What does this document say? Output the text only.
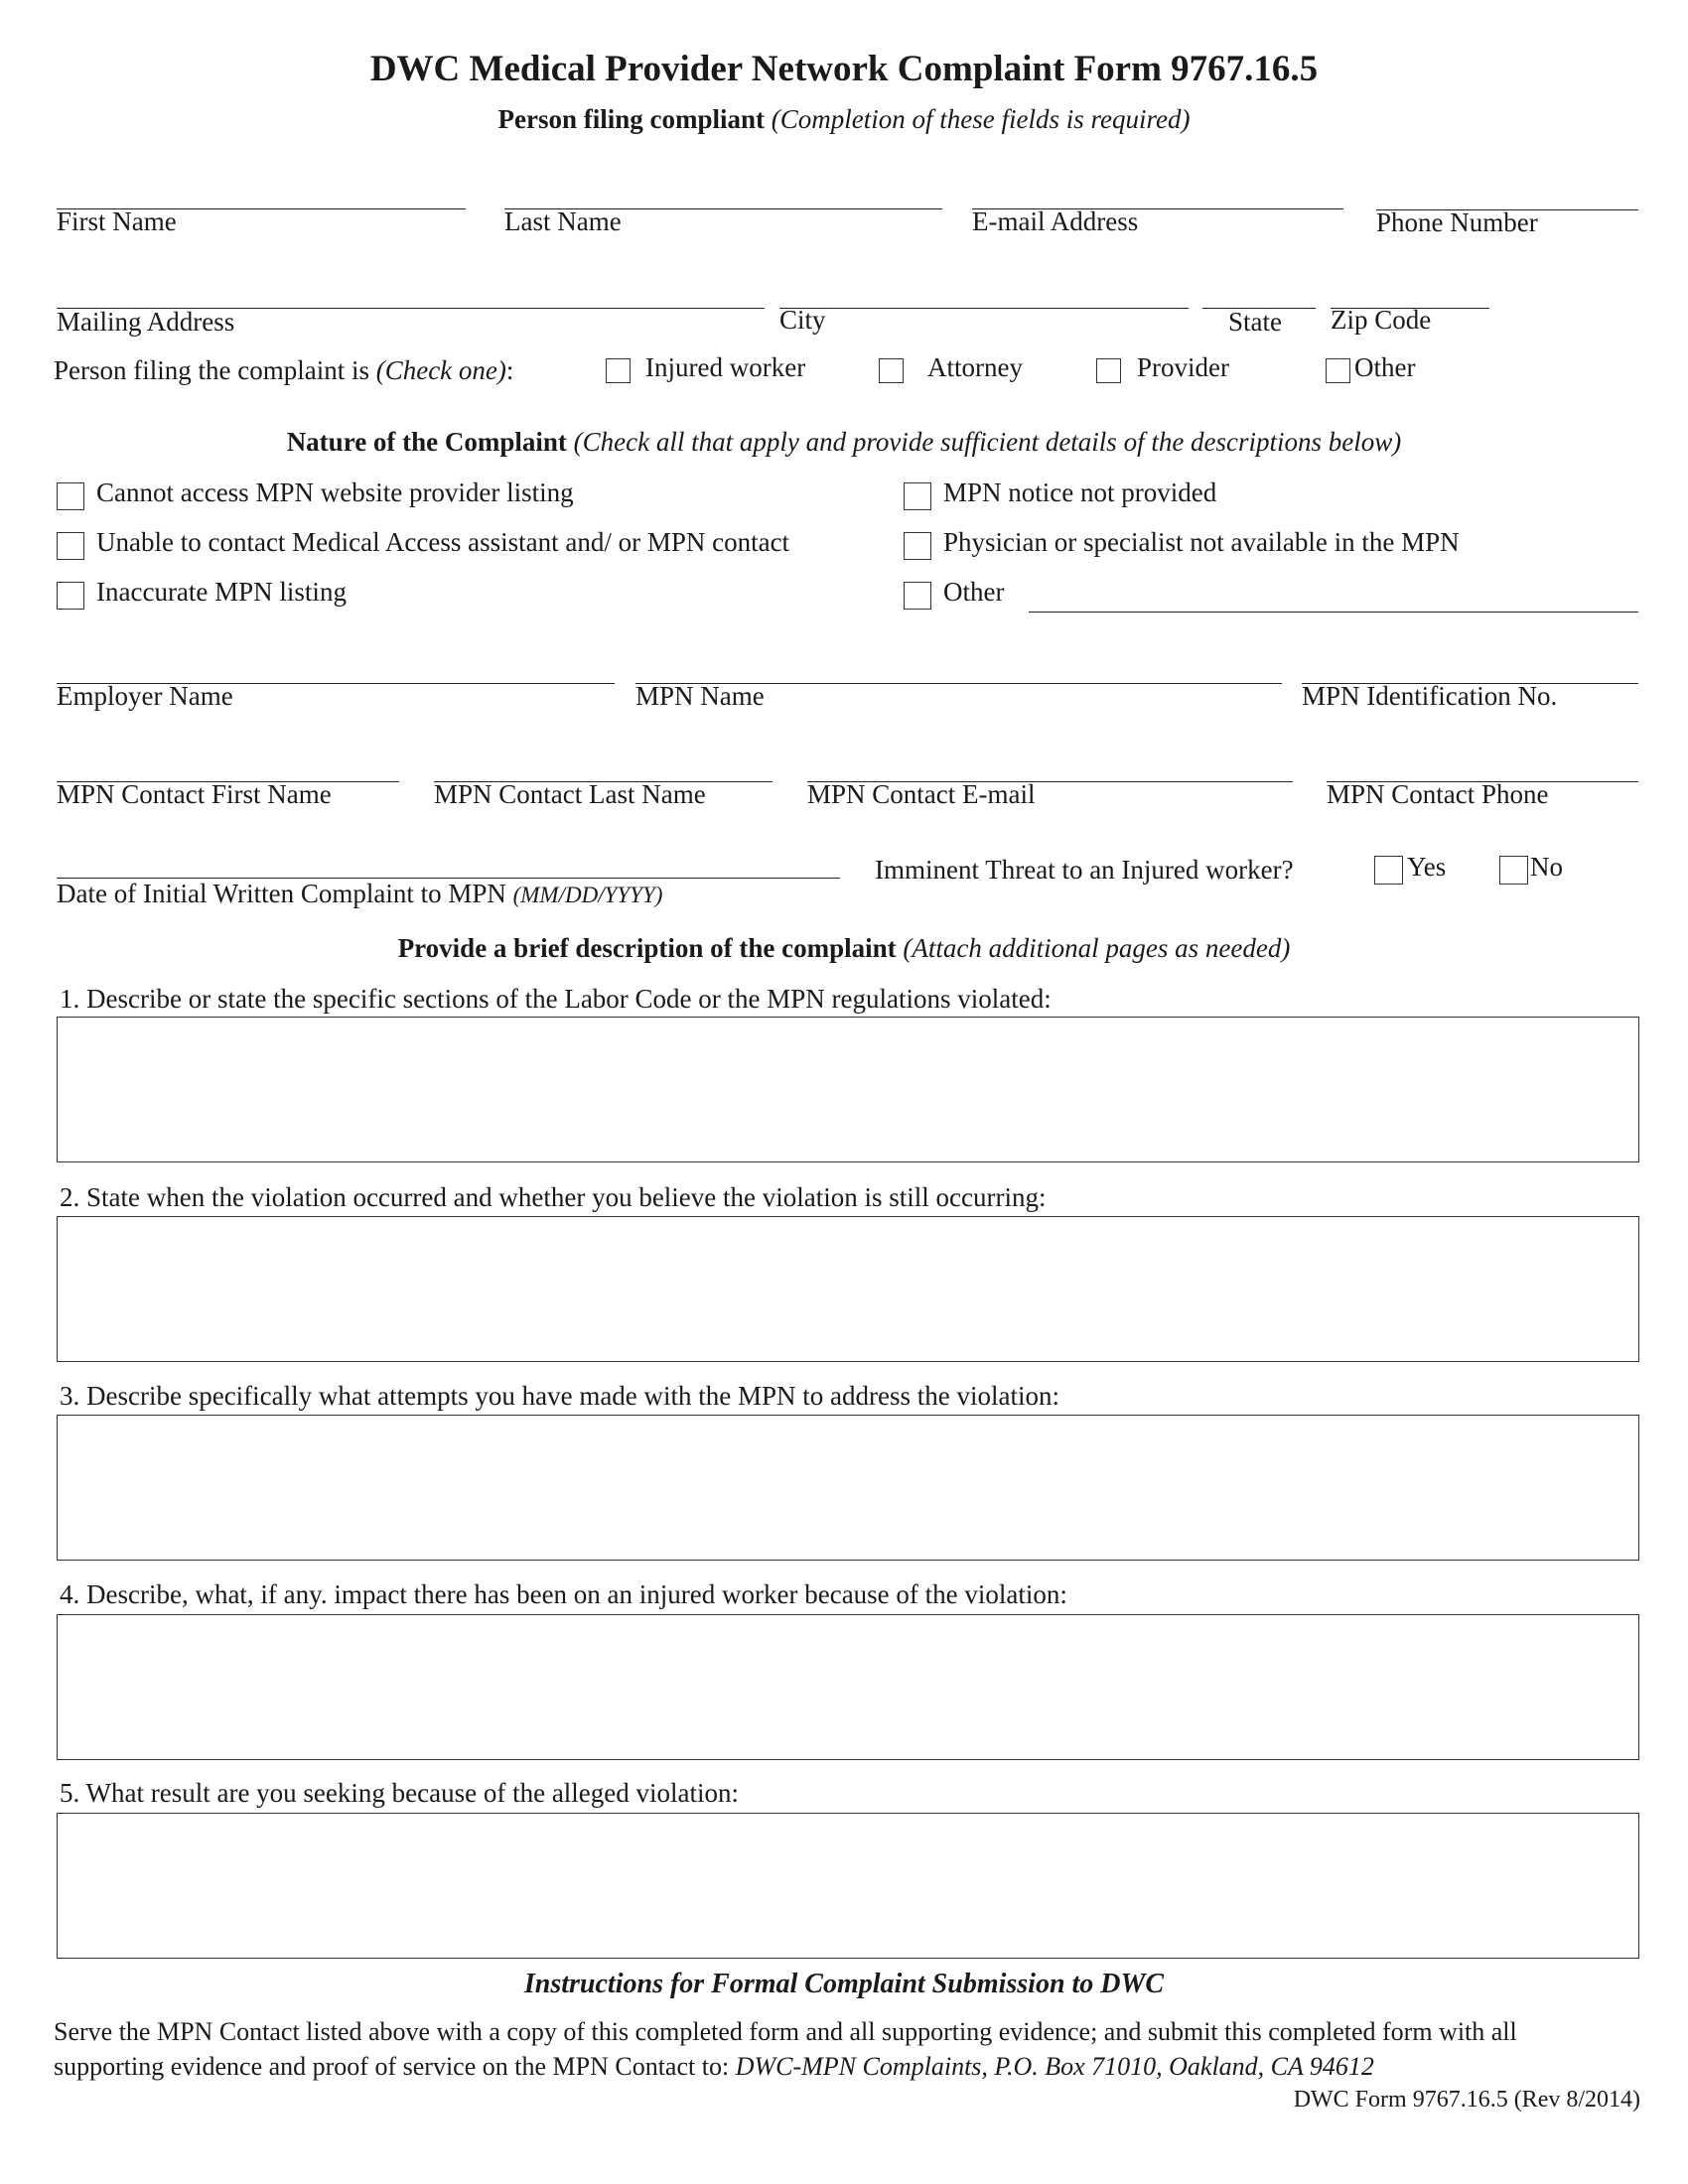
DWC Medical Provider Network Complaint Form 9767.16.5
Person filing compliant (Completion of these fields is required)
First Name	Last Name	E-mail Address	Phone Number
Mailing Address	City	State Zip Code
Person filing the complaint is (Check one):	Injured worker	Attorney	Provider	Other
Nature of the Complaint (Check all that apply and provide sufficient details of the descriptions below)
Cannot access MPN website provider listing
Unable to contact Medical Access assistant and/ or MPN contact
Inaccurate MPN listing
MPN notice not provided
Physician or specialist not available in the MPN
Other
Employer Name	MPN Name	MPN Identification No.
MPN Contact First Name	MPN Contact Last Name	MPN Contact E-mail	MPN Contact Phone
Date of Initial Written Complaint to MPN (MM/DD/YYYY)
Imminent Threat to an Injured worker?	Yes	No
Provide a brief description of the complaint (Attach additional pages as needed)
1. Describe or state the specific sections of the Labor Code or the MPN regulations violated:
2. State when the violation occurred and whether you believe the violation is still occurring:
3. Describe specifically what attempts you have made with the MPN to address the violation:
4. Describe, what, if any. impact there has been on an injured worker because of the violation:
5. What result are you seeking because of the alleged violation:
Instructions for Formal Complaint Submission to DWC
Serve the MPN Contact listed above with a copy of this completed form and all supporting evidence; and submit this completed form with all
supporting evidence and proof of service on the MPN Contact to: DWC-MPN Complaints, P.O. Box 71010, Oakland, CA 94612
DWC Form 9767.16.5 (Rev 8/2014)
